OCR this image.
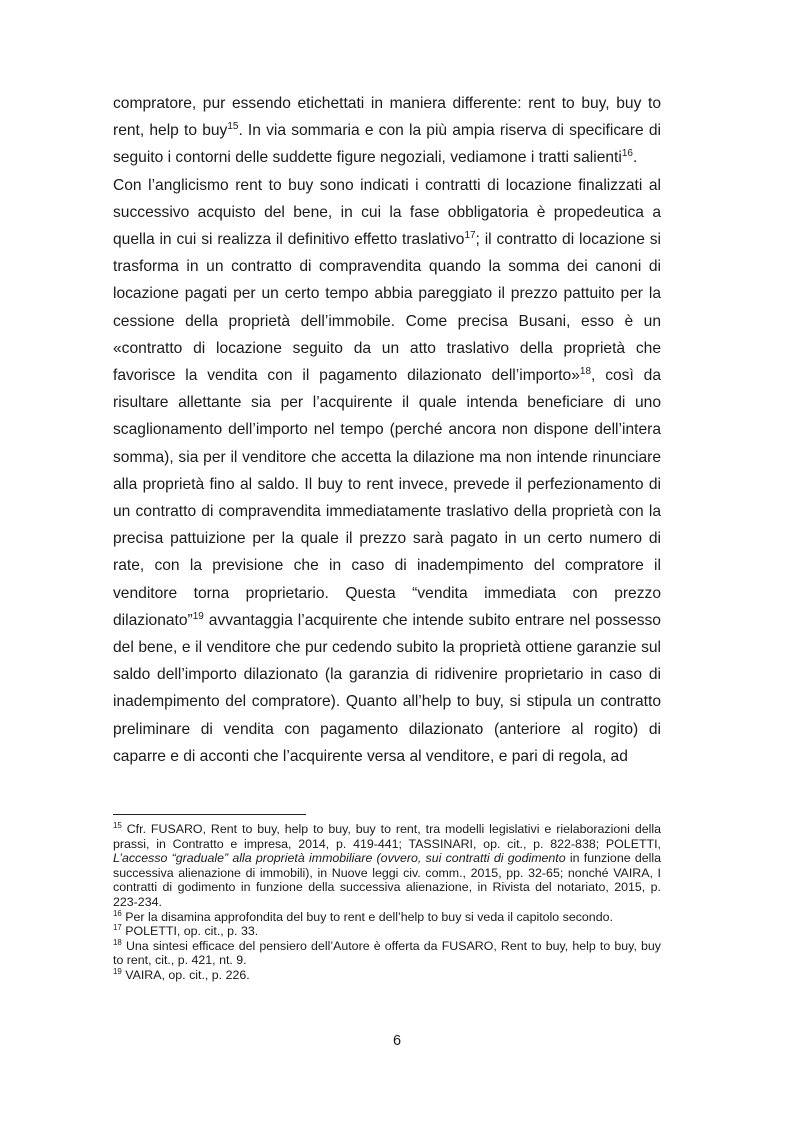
compratore, pur essendo etichettati in maniera differente: rent to buy, buy to rent, help to buy$^{15}$. In via sommaria e con la più ampia riserva di specificare di seguito i contorni delle suddette figure negoziali, vediamone i tratti salienti$^{16}$.

Con l’anglicismo rent to buy sono indicati i contratti di locazione finalizzati al successivo acquisto del bene, in cui la fase obbligatoria è propedeutica a quella in cui si realizza il definitivo effetto traslativo$^{17}$; il contratto di locazione si trasforma in un contratto di compravendita quando la somma dei canoni di locazione pagati per un certo tempo abbia pareggiato il prezzo pattuito per la cessione della proprietà dell’immobile. Come precisa Busani, esso è un «contratto di locazione seguito da un atto traslativo della proprietà che favorisce la vendita con il pagamento dilazionato dell’importo»$^{18}$, così da risultare allettante sia per l’acquirente il quale intenda beneficiare di uno scaglionamento dell’importo nel tempo (perché ancora non dispone dell’intera somma), sia per il venditore che accetta la dilazione ma non intende rinunciare alla proprietà fino al saldo. Il buy to rent invece, prevede il perfezionamento di un contratto di compravendita immediatamente traslativo della proprietà con la precisa pattuizione per la quale il prezzo sarà pagato in un certo numero di rate, con la previsione che in caso di inadempimento del compratore il venditore torna proprietario. Questa “vendita immediata con prezzo dilazionato”$^{19}$ avvantaggia l’acquirente che intende subito entrare nel possesso del bene, e il venditore che pur cedendo subito la proprietà ottiene garanzie sul saldo dell’importo dilazionato (la garanzia di ridivenire proprietario in caso di inadempimento del compratore). Quanto all’help to buy, si stipula un contratto preliminare di vendita con pagamento dilazionato (anteriore al rogito) di caparre e di acconti che l’acquirente versa al venditore, e pari di regola, ad

$^{15}$ Cfr. FUSARO, Rent to buy, help to buy, buy to rent, tra modelli legislativi e rielaborazioni della prassi, in Contratto e impresa, 2014, p. 419-441; TASSINARI, op. cit., p. 822-838; POLETTI, L’accesso “graduale” alla proprietà immobiliare (ovvero, sui contratti di godimento in funzione della successiva alienazione di immobili), in Nuove leggi civ. comm., 2015, pp. 32-65; nonché VAIRA, I contratti di godimento in funzione della successiva alienazione, in Rivista del notariato, 2015, p. 223-234.

$^{16}$ Per la disamina approfondita del buy to rent e dell’help to buy si veda il capitolo secondo.

$^{17}$ POLETTI, op. cit., p. 33.

$^{18}$ Una sintesi efficace del pensiero dell’Autore è offerta da FUSARO, Rent to buy, help to buy, buy to rent, cit., p. 421, nt. 9.

$^{19}$ VAIRA, op. cit., p. 226.

6
